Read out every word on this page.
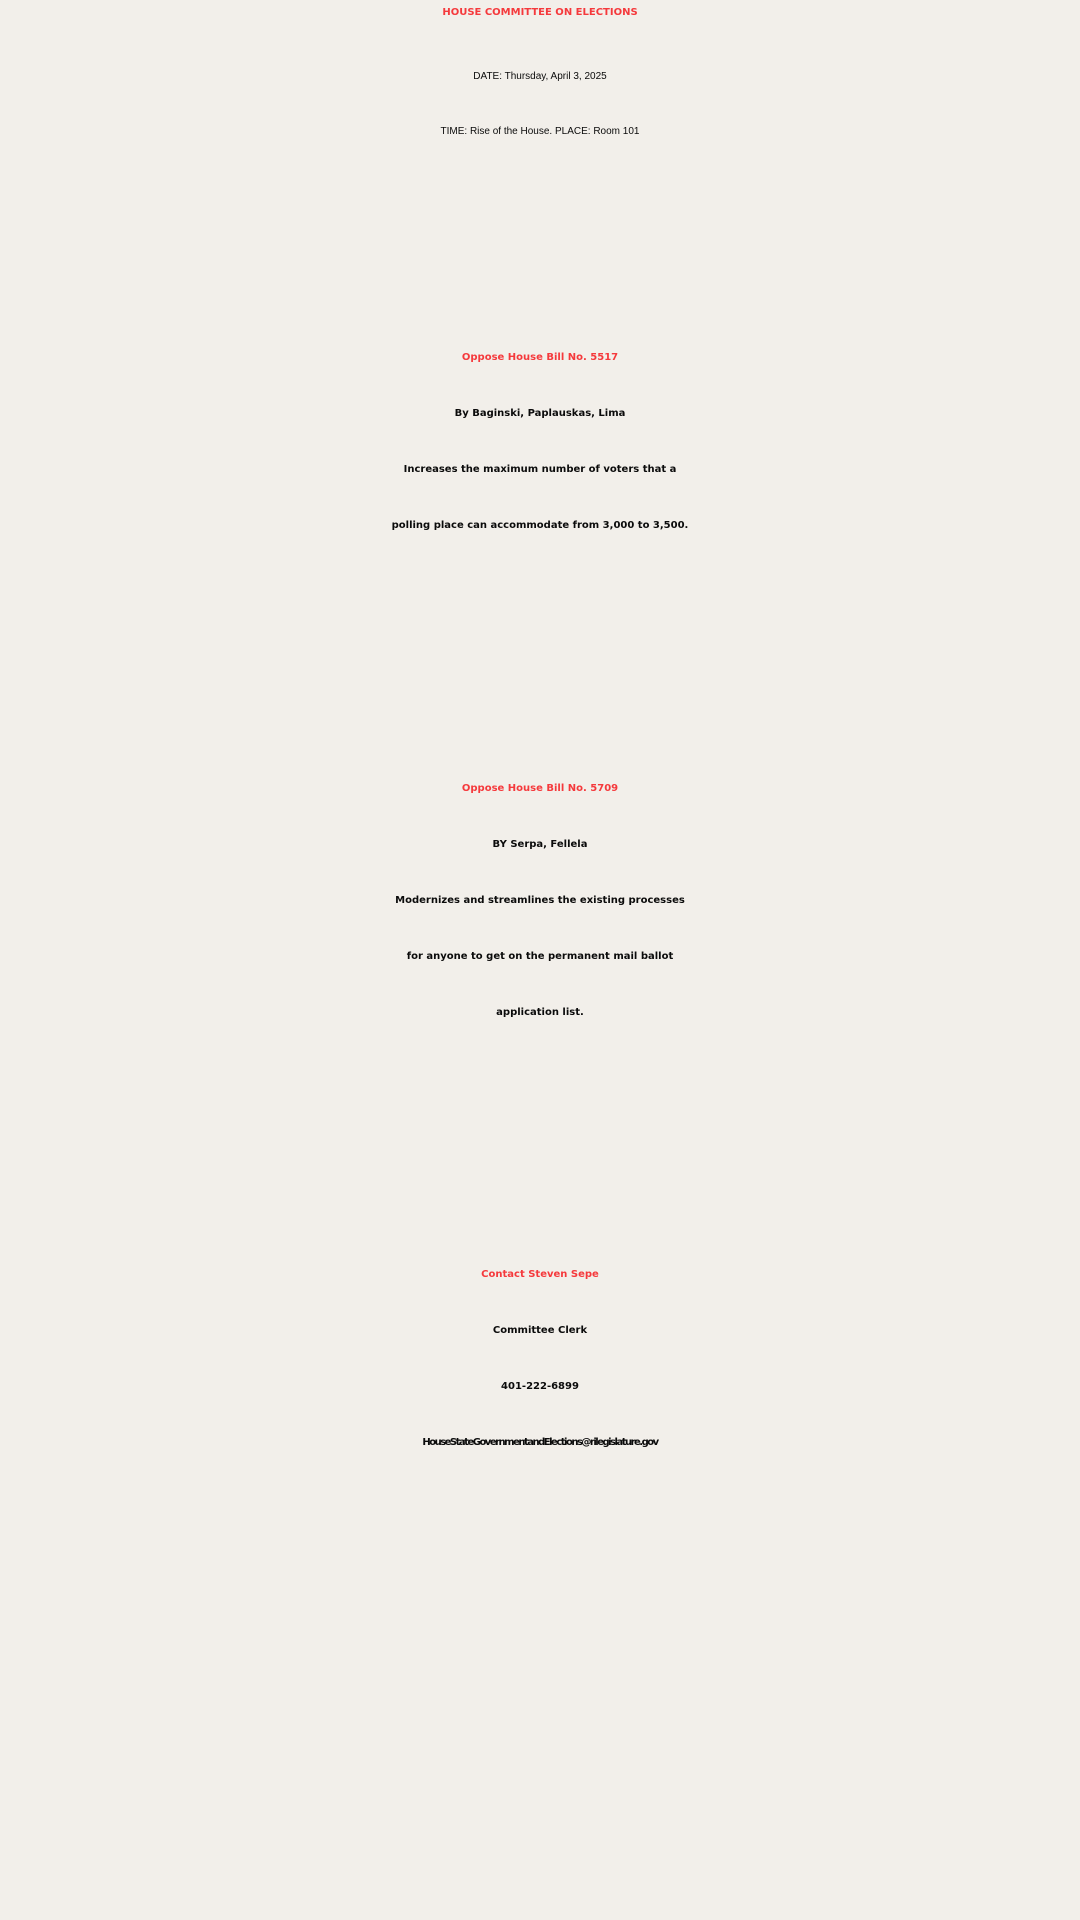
HOUSE COMMITTEE ON ELECTIONS
DATE: Thursday, April 3, 2025
TIME: Rise of the House. PLACE: Room 101
Oppose House Bill No. 5517
By Baginski, Paplauskas, Lima
Increases the maximum number of voters that a
polling place can accommodate from 3,000 to 3,500.
Oppose House Bill No. 5709
BY Serpa, Fellela
Modernizes and streamlines the existing processes
for anyone to get on the permanent mail ballot
application list.
Contact Steven Sepe
Committee Clerk
401-222-6899
HouseStateGovernmentandElections@rilegislature.gov
